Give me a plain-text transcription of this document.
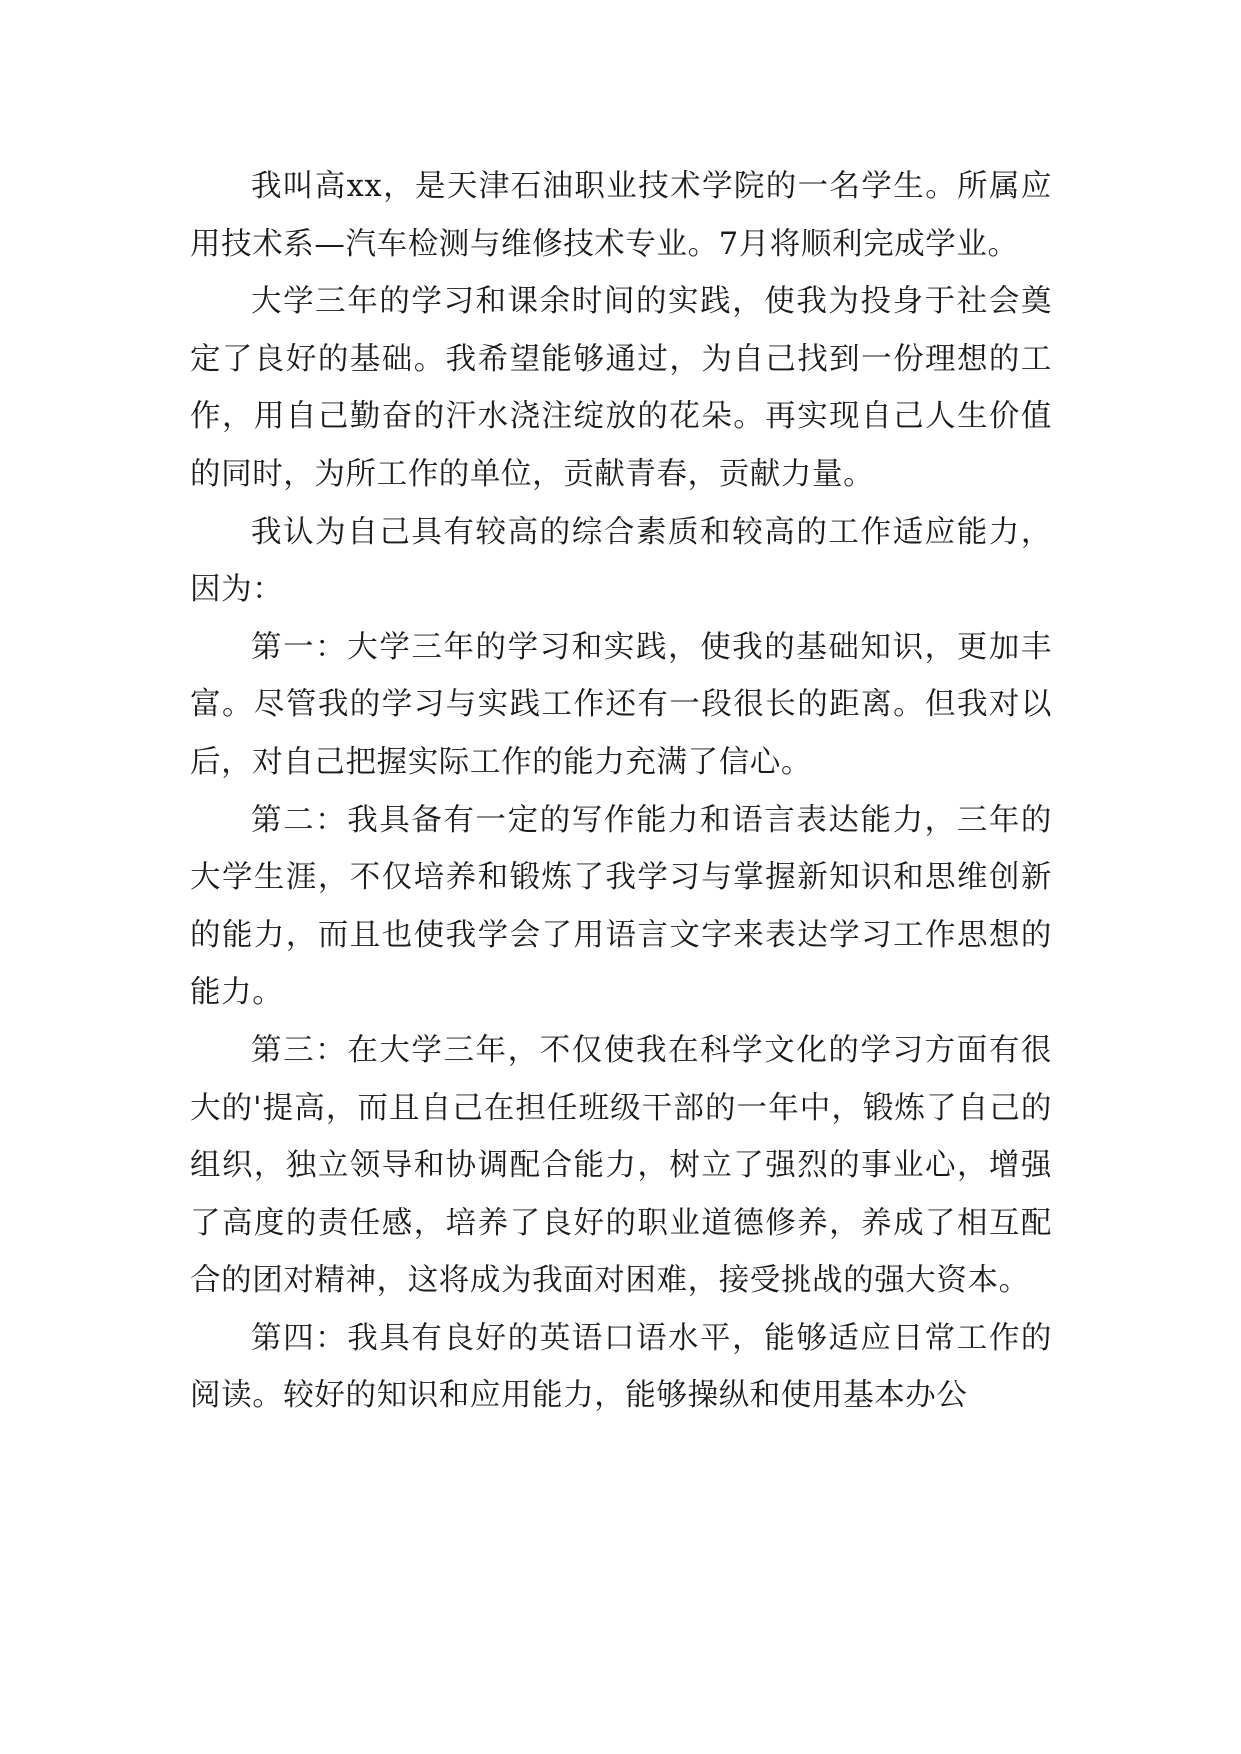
我叫高xx，是天津石油职业技术学院的一名学生。所属应用技术系—汽车检测与维修技术专业。7月将顺利完成学业。

大学三年的学习和课余时间的实践，使我为投身于社会奠定了良好的基础。我希望能够通过，为自己找到一份理想的工作，用自己勤奋的汗水浇注绽放的花朵。再实现自己人生价值的同时，为所工作的单位，贡献青春，贡献力量。

我认为自己具有较高的综合素质和较高的工作适应能力，因为：

第一：大学三年的学习和实践，使我的基础知识，更加丰富。尽管我的学习与实践工作还有一段很长的距离。但我对以后，对自己把握实际工作的能力充满了信心。

第二：我具备有一定的写作能力和语言表达能力，三年的大学生涯，不仅培养和锻炼了我学习与掌握新知识和思维创新的能力，而且也使我学会了用语言文字来表达学习工作思想的能力。

第三：在大学三年，不仅使我在科学文化的学习方面有很大的'提高，而且自己在担任班级干部的一年中，锻炼了自己的组织，独立领导和协调配合能力，树立了强烈的事业心，增强了高度的责任感，培养了良好的职业道德修养，养成了相互配合的团对精神，这将成为我面对困难，接受挑战的强大资本。

第四：我具有良好的英语口语水平，能够适应日常工作的阅读。较好的知识和应用能力，能够操纵和使用基本办公
